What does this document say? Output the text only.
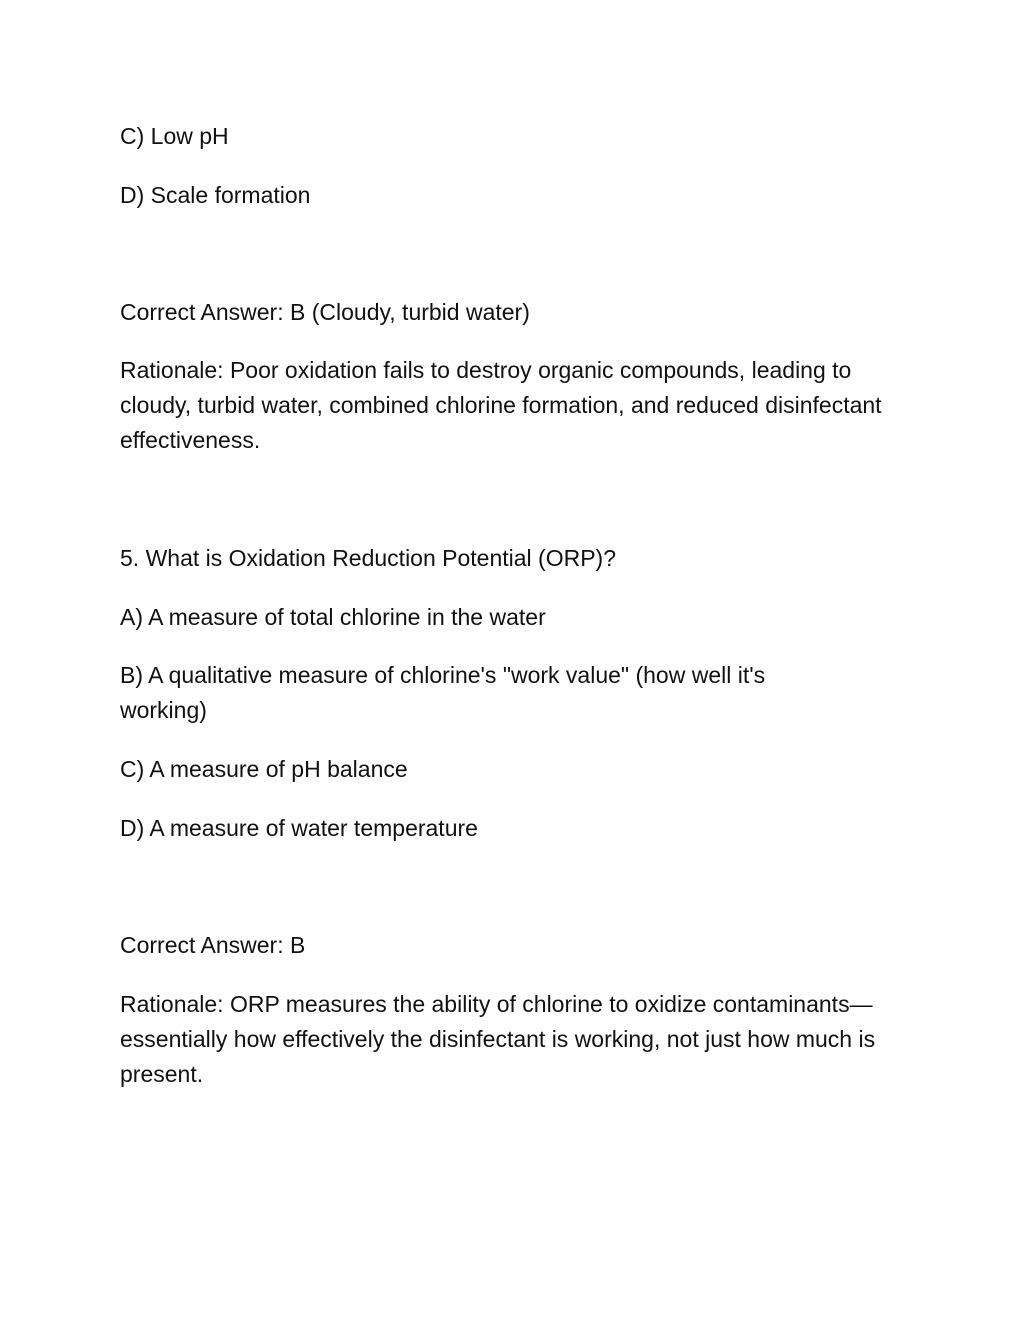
C) Low pH

D) Scale formation

Correct Answer: B (Cloudy, turbid water)

Rationale: Poor oxidation fails to destroy organic compounds, leading to cloudy, turbid water, combined chlorine formation, and reduced disinfectant effectiveness.

5. What is Oxidation Reduction Potential (ORP)?

A) A measure of total chlorine in the water

B) A qualitative measure of chlorine's "work value" (how well it's working)

C) A measure of pH balance

D) A measure of water temperature

Correct Answer: B

Rationale: ORP measures the ability of chlorine to oxidize contaminants—essentially how effectively the disinfectant is working, not just how much is present.
